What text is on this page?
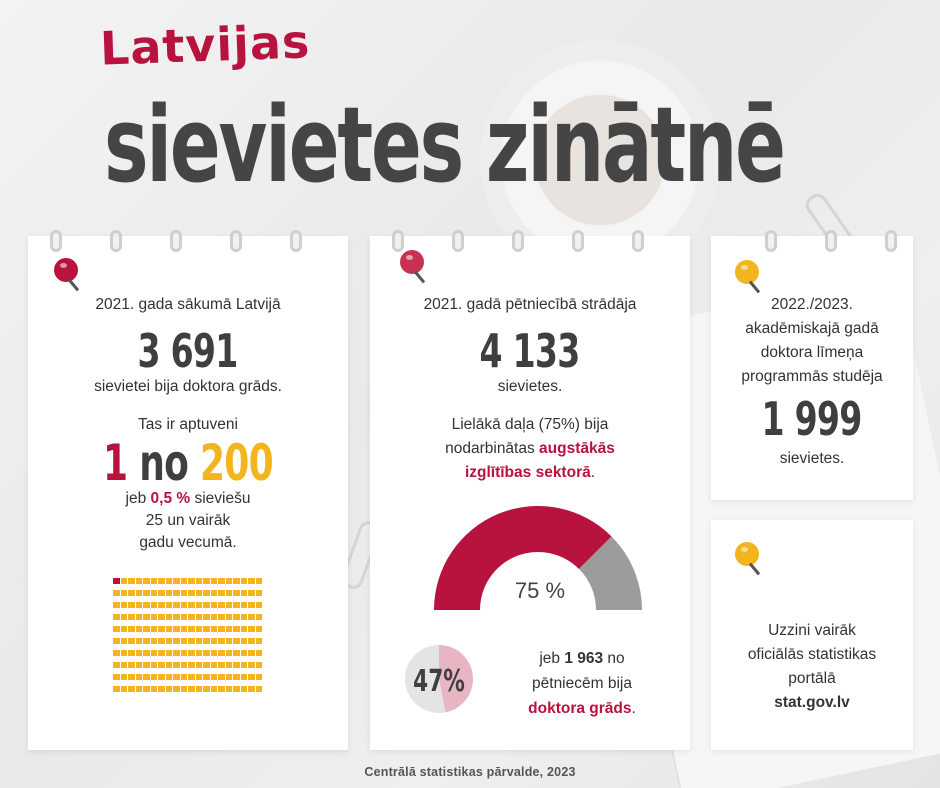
Latvijas
sievietes zinātnē
2021. gada sākumā Latvijā
3 691
sievietei bija doktora grāds.
Tas ir aptuveni
1 no 200
jeb 0,5 % sieviešu
25 un vairāk
gadu vecumā.
2021. gadā pētniecībā strādāja
4 133
sievietes.
Lielākā daļa (75%) bija
nodarbinātas augstākās
izglītības sektorā.
75 %
47%
jeb 1 963 no
pētniecēm bija
doktora grāds.
2022./2023.
akadēmiskajā gadā
doktora līmeņa
programmās studēja
1 999
sievietes.
Uzzini vairāk
oficiālās statistikas
portālā
stat.gov.lv
Centrālā statistikas pārvalde, 2023
